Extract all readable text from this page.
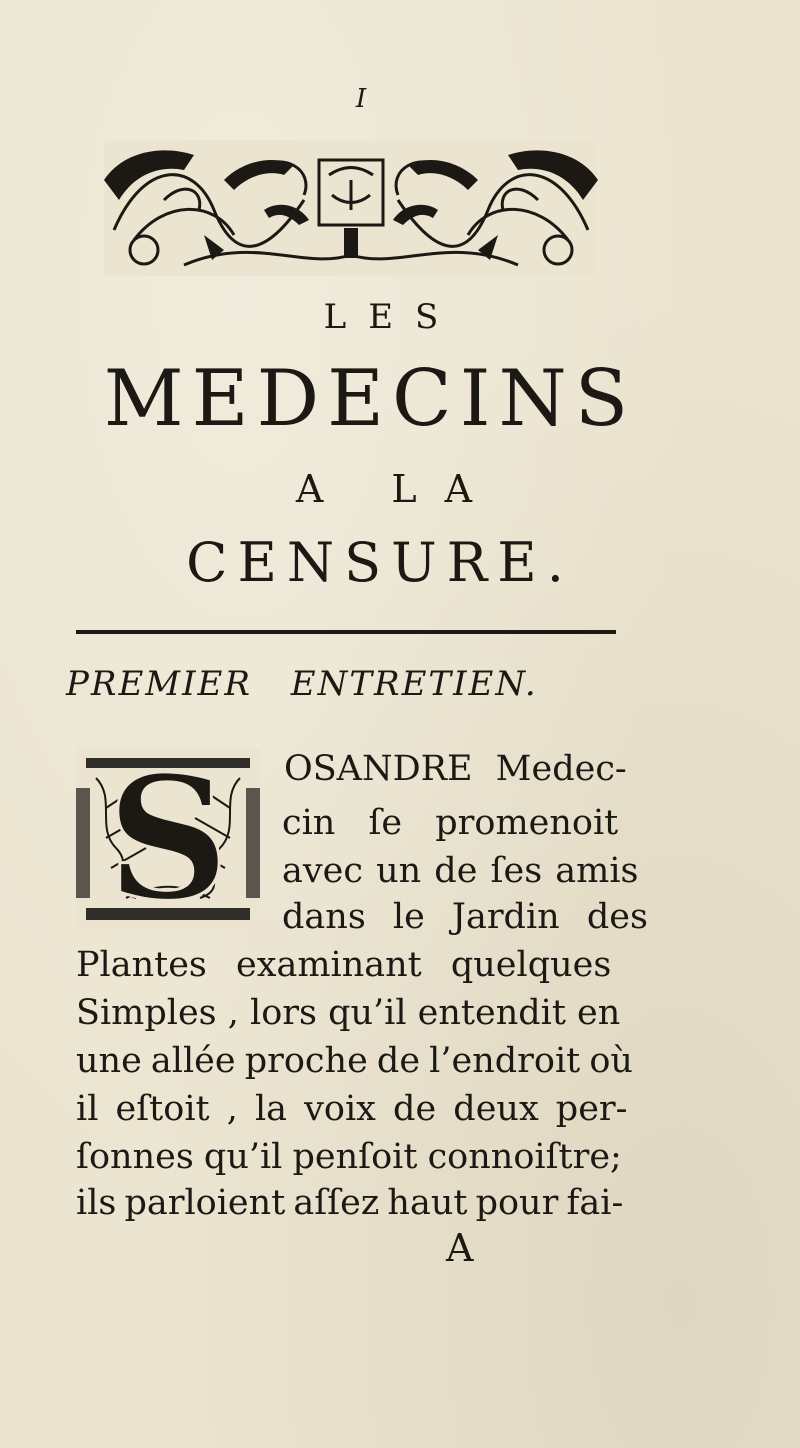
I
LES
MEDECINS
A LA
CENSURE.
PREMIER ENTRETIEN.
S OSANDRE Medec-
cin ſe promenoit
avec un de ſes amis
dans le Jardin des
Plantes examinant quelques
Simples , lors qu’il entendit en
une allée proche de l’endroit où
il eſtoit , la voix de deux per-
ſonnes qu’il penſoit connoiſtre;
ils parloient aſſez haut pour fai-
A
